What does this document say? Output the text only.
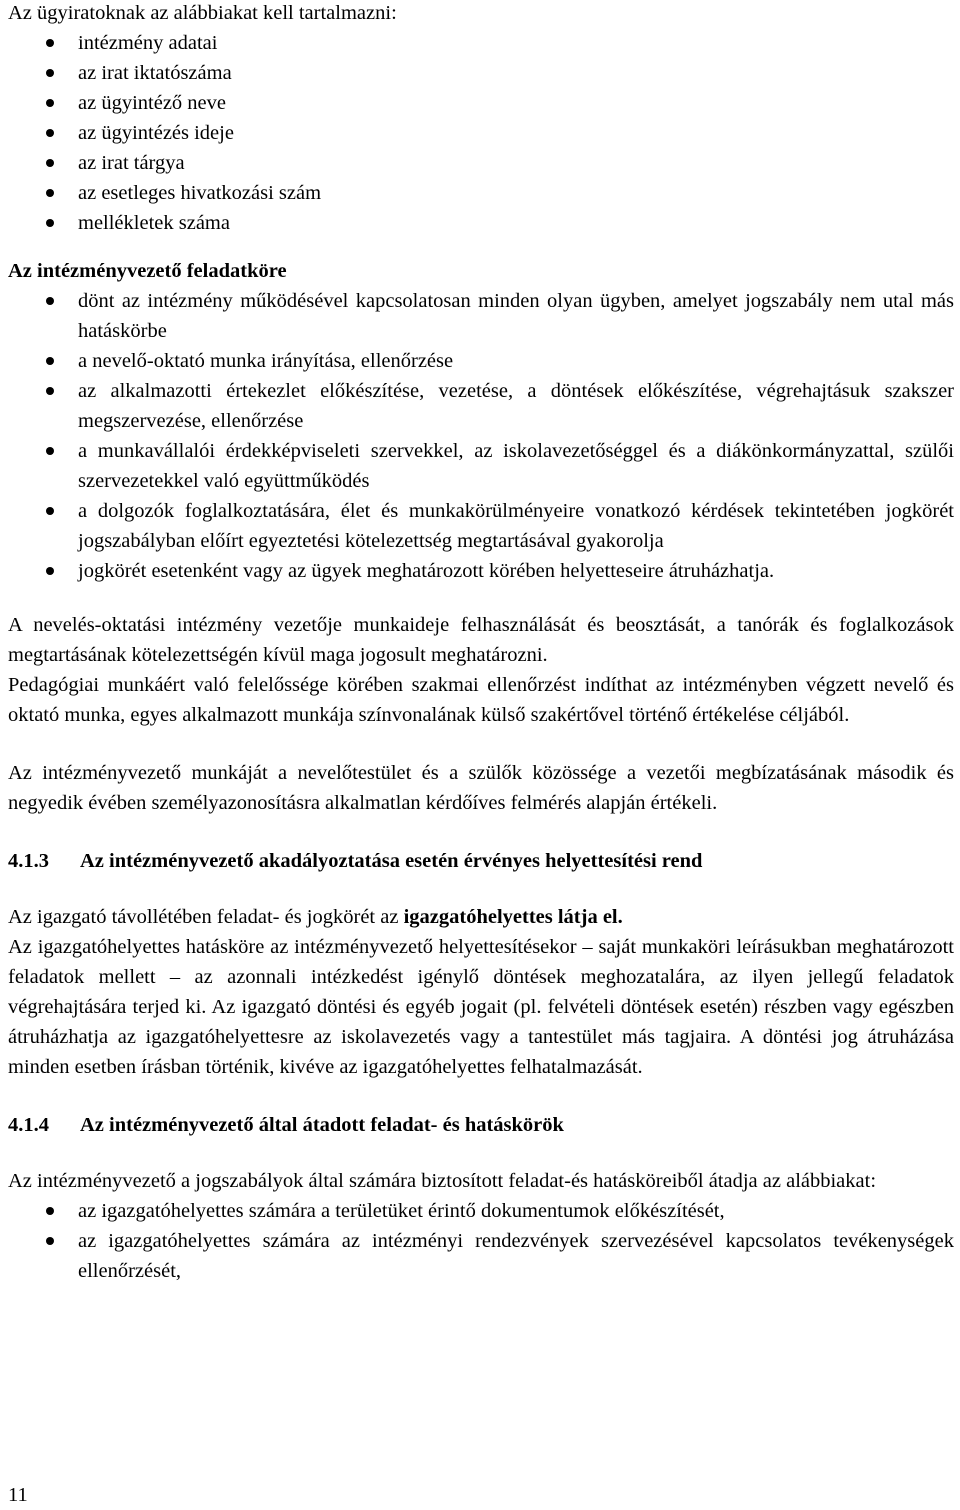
Az ügyiratoknak az alábbiakat kell tartalmazni:

intézmény adatai
az irat iktatószáma
az ügyintéző neve
az ügyintézés ideje
az irat tárgya
az esetleges hivatkozási szám
mellékletek száma

Az intézményvezető feladatköre

dönt az intézmény működésével kapcsolatosan minden olyan ügyben, amelyet jogszabály nem utal más hatáskörbe
a nevelő-oktató munka irányítása, ellenőrzése
az alkalmazotti értekezlet előkészítése, vezetése, a döntések előkészítése, végrehajtásuk szakszer megszervezése, ellenőrzése
a munkavállalói érdekképviseleti szervekkel, az iskolavezetőséggel és a diákönkormányzattal, szülői szervezetekkel való együttműködés
a dolgozók foglalkoztatására, élet és munkakörülményeire vonatkozó kérdések tekintetében jogkörét jogszabályban előírt egyeztetési kötelezettség megtartásával gyakorolja
jogkörét esetenként vagy az ügyek meghatározott körében helyetteseire átruházhatja.

A nevelés-oktatási intézmény vezetője munkaideje felhasználását és beosztását, a tanórák és foglalkozások megtartásának kötelezettségén kívül maga jogosult meghatározni.

Pedagógiai munkáért való felelőssége körében szakmai ellenőrzést indíthat az intézményben végzett nevelő és oktató munka, egyes alkalmazott munkája színvonalának külső szakértővel történő értékelése céljából.

Az intézményvezető munkáját a nevelőtestület és a szülők közössége a vezetői megbízatásának második és negyedik évében személyazonosításra alkalmatlan kérdőíves felmérés alapján értékeli.

4.1.3	Az intézményvezető akadályoztatása esetén érvényes helyettesítési rend

Az igazgató távollétében feladat- és jogkörét az igazgatóhelyettes látja el.

Az igazgatóhelyettes hatásköre az intézményvezető helyettesítésekor – saját munkaköri leírásukban meghatározott feladatok mellett – az azonnali intézkedést igénylő döntések meghozatalára, az ilyen jellegű feladatok végrehajtására terjed ki. Az igazgató döntési és egyéb jogait (pl. felvételi döntések esetén) részben vagy egészben átruházhatja az igazgatóhelyettesre az iskolavezetés vagy a tantestület más tagjaira. A döntési jog átruházása minden esetben írásban történik, kivéve az igazgatóhelyettes felhatalmazását.

4.1.4	Az intézményvezető által átadott feladat- és hatáskörök

Az intézményvezető a jogszabályok által számára biztosított feladat-és hatásköreiből átadja az alábbiakat:

az igazgatóhelyettes számára a területüket érintő dokumentumok előkészítését,
az igazgatóhelyettes számára az intézményi rendezvények szervezésével kapcsolatos tevékenységek ellenőrzését,
11
